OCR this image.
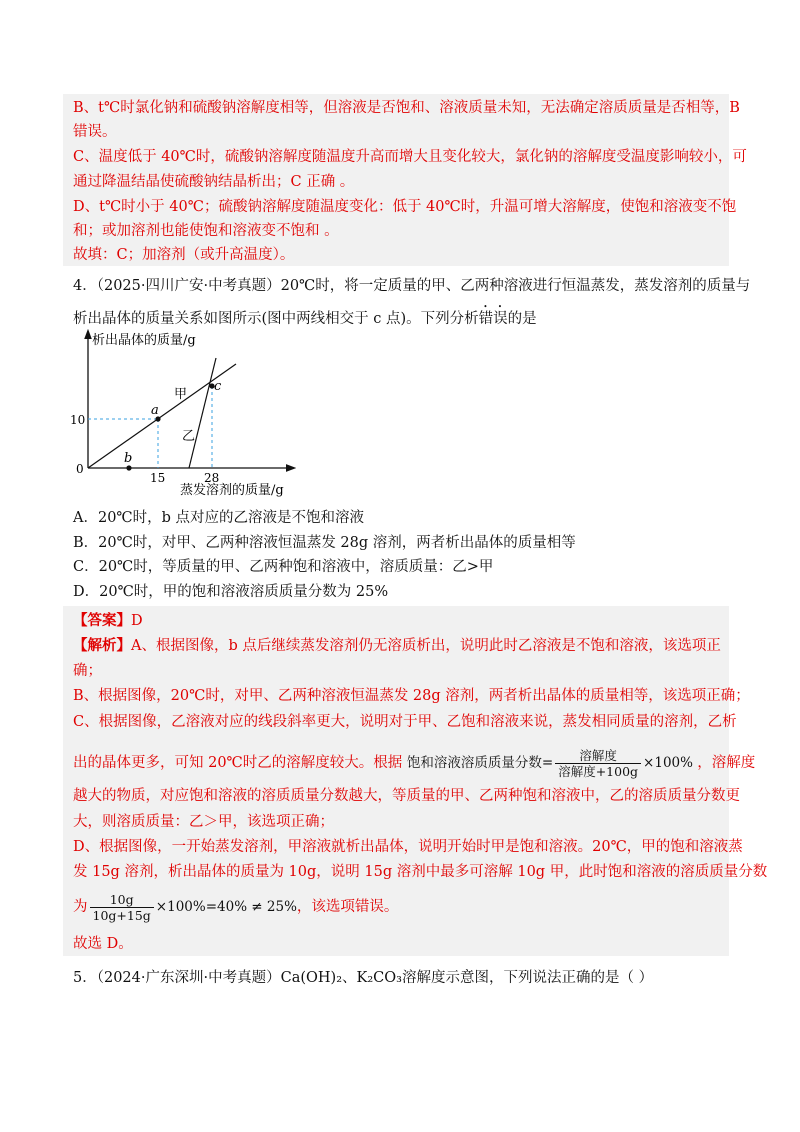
B、t℃时氯化钠和硫酸钠溶解度相等，但溶液是否饱和、溶液质量未知，无法确定溶质质量是否相等，B
错误。
C、温度低于 40℃时，硫酸钠溶解度随温度升高而增大且变化较大，氯化钠的溶解度受温度影响较小，可
通过降温结晶使硫酸钠结晶析出；C 正确 。
D、t℃时小于 40℃；硫酸钠溶解度随温度变化：低于 40℃时，升温可增大溶解度，使饱和溶液变不饱
和；或加溶剂也能使饱和溶液变不饱和 。
故填：C；加溶剂（或升高温度）。
4．（2025·四川广安·中考真题）20℃时，将一定质量的甲、乙两种溶液进行恒温蒸发，蒸发溶剂的质量与
析出晶体的质量关系如图所示(图中两线相交于 c 点)。下列分析错误的是
析出晶体的质量/g
蒸发溶剂的质量/g
0
10
15	28
a
b
c
甲
乙
A．20℃时，b 点对应的乙溶液是不饱和溶液
B．20℃时，对甲、乙两种溶液恒温蒸发 28g 溶剂，两者析出晶体的质量相等
C．20℃时，等质量的甲、乙两种饱和溶液中，溶质质量：乙>甲
D．20℃时，甲的饱和溶液溶质质量分数为 25%
【答案】D
【解析】A、根据图像，b 点后继续蒸发溶剂仍无溶质析出，说明此时乙溶液是不饱和溶液，该选项正
确；
B、根据图像，20℃时，对甲、乙两种溶液恒温蒸发 28g 溶剂，两者析出晶体的质量相等，该选项正确；
C、根据图像，乙溶液对应的线段斜率更大，说明对于甲、乙饱和溶液来说，蒸发相同质量的溶剂，乙析
出的晶体更多，可知 20℃时乙的溶解度较大。根据 饱和溶液溶质质量分数= $\frac{\text{溶解度}}{\text{溶解度+100g}} \times 100\%$ ，溶解度
越大的物质，对应饱和溶液的溶质质量分数越大，等质量的甲、乙两种饱和溶液中，乙的溶质质量分数更
大，则溶质质量：乙＞甲，该选项正确；
D、根据图像，一开始蒸发溶剂，甲溶液就析出晶体，说明开始时甲是饱和溶液。20℃，甲的饱和溶液蒸
发 15g 溶剂，析出晶体的质量为 10g，说明 15g 溶剂中最多可溶解 10g 甲，此时饱和溶液的溶质质量分数
为 $\frac{10g}{10g+15g} \times 100\%=40\% \ne 25\%$，该选项错误。
故选 D。
5．（2024·广东深圳·中考真题）Ca(OH)₂、K₂CO₃溶解度示意图，下列说法正确的是（ ）
